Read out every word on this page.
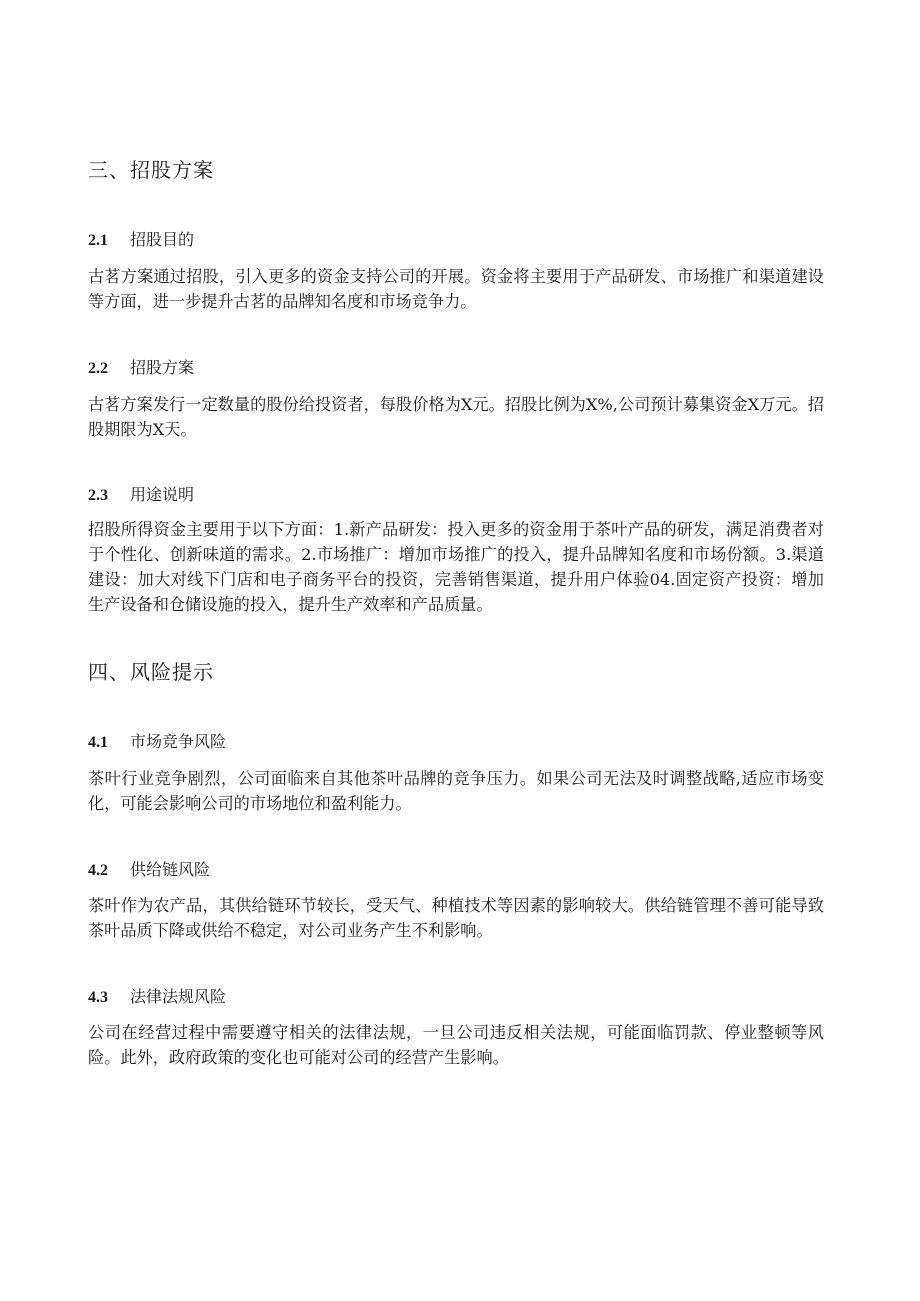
三、招股方案
2.1 招股目的
古茗方案通过招股，引入更多的资金支持公司的开展。资金将主要用于产品研发、市场推广和渠道建设等方面，进一步提升古茗的品牌知名度和市场竞争力。
2.2 招股方案
古茗方案发行一定数量的股份给投资者，每股价格为X元。招股比例为X%,公司预计募集资金X万元。招股期限为X天。
2.3 用途说明
招股所得资金主要用于以下方面：1.新产品研发：投入更多的资金用于茶叶产品的研发，满足消费者对于个性化、创新味道的需求。2.市场推广：增加市场推广的投入，提升品牌知名度和市场份额。3.渠道建设：加大对线下门店和电子商务平台的投资，完善销售渠道，提升用户体验04.固定资产投资：增加生产设备和仓储设施的投入，提升生产效率和产品质量。
四、风险提示
4.1 市场竞争风险
茶叶行业竞争剧烈，公司面临来自其他茶叶品牌的竞争压力。如果公司无法及时调整战略,适应市场变化，可能会影响公司的市场地位和盈利能力。
4.2 供给链风险
茶叶作为农产品，其供给链环节较长，受天气、种植技术等因素的影响较大。供给链管理不善可能导致茶叶品质下降或供给不稳定，对公司业务产生不利影响。
4.3 法律法规风险
公司在经营过程中需要遵守相关的法律法规，一旦公司违反相关法规，可能面临罚款、停业整顿等风险。此外，政府政策的变化也可能对公司的经营产生影响。
